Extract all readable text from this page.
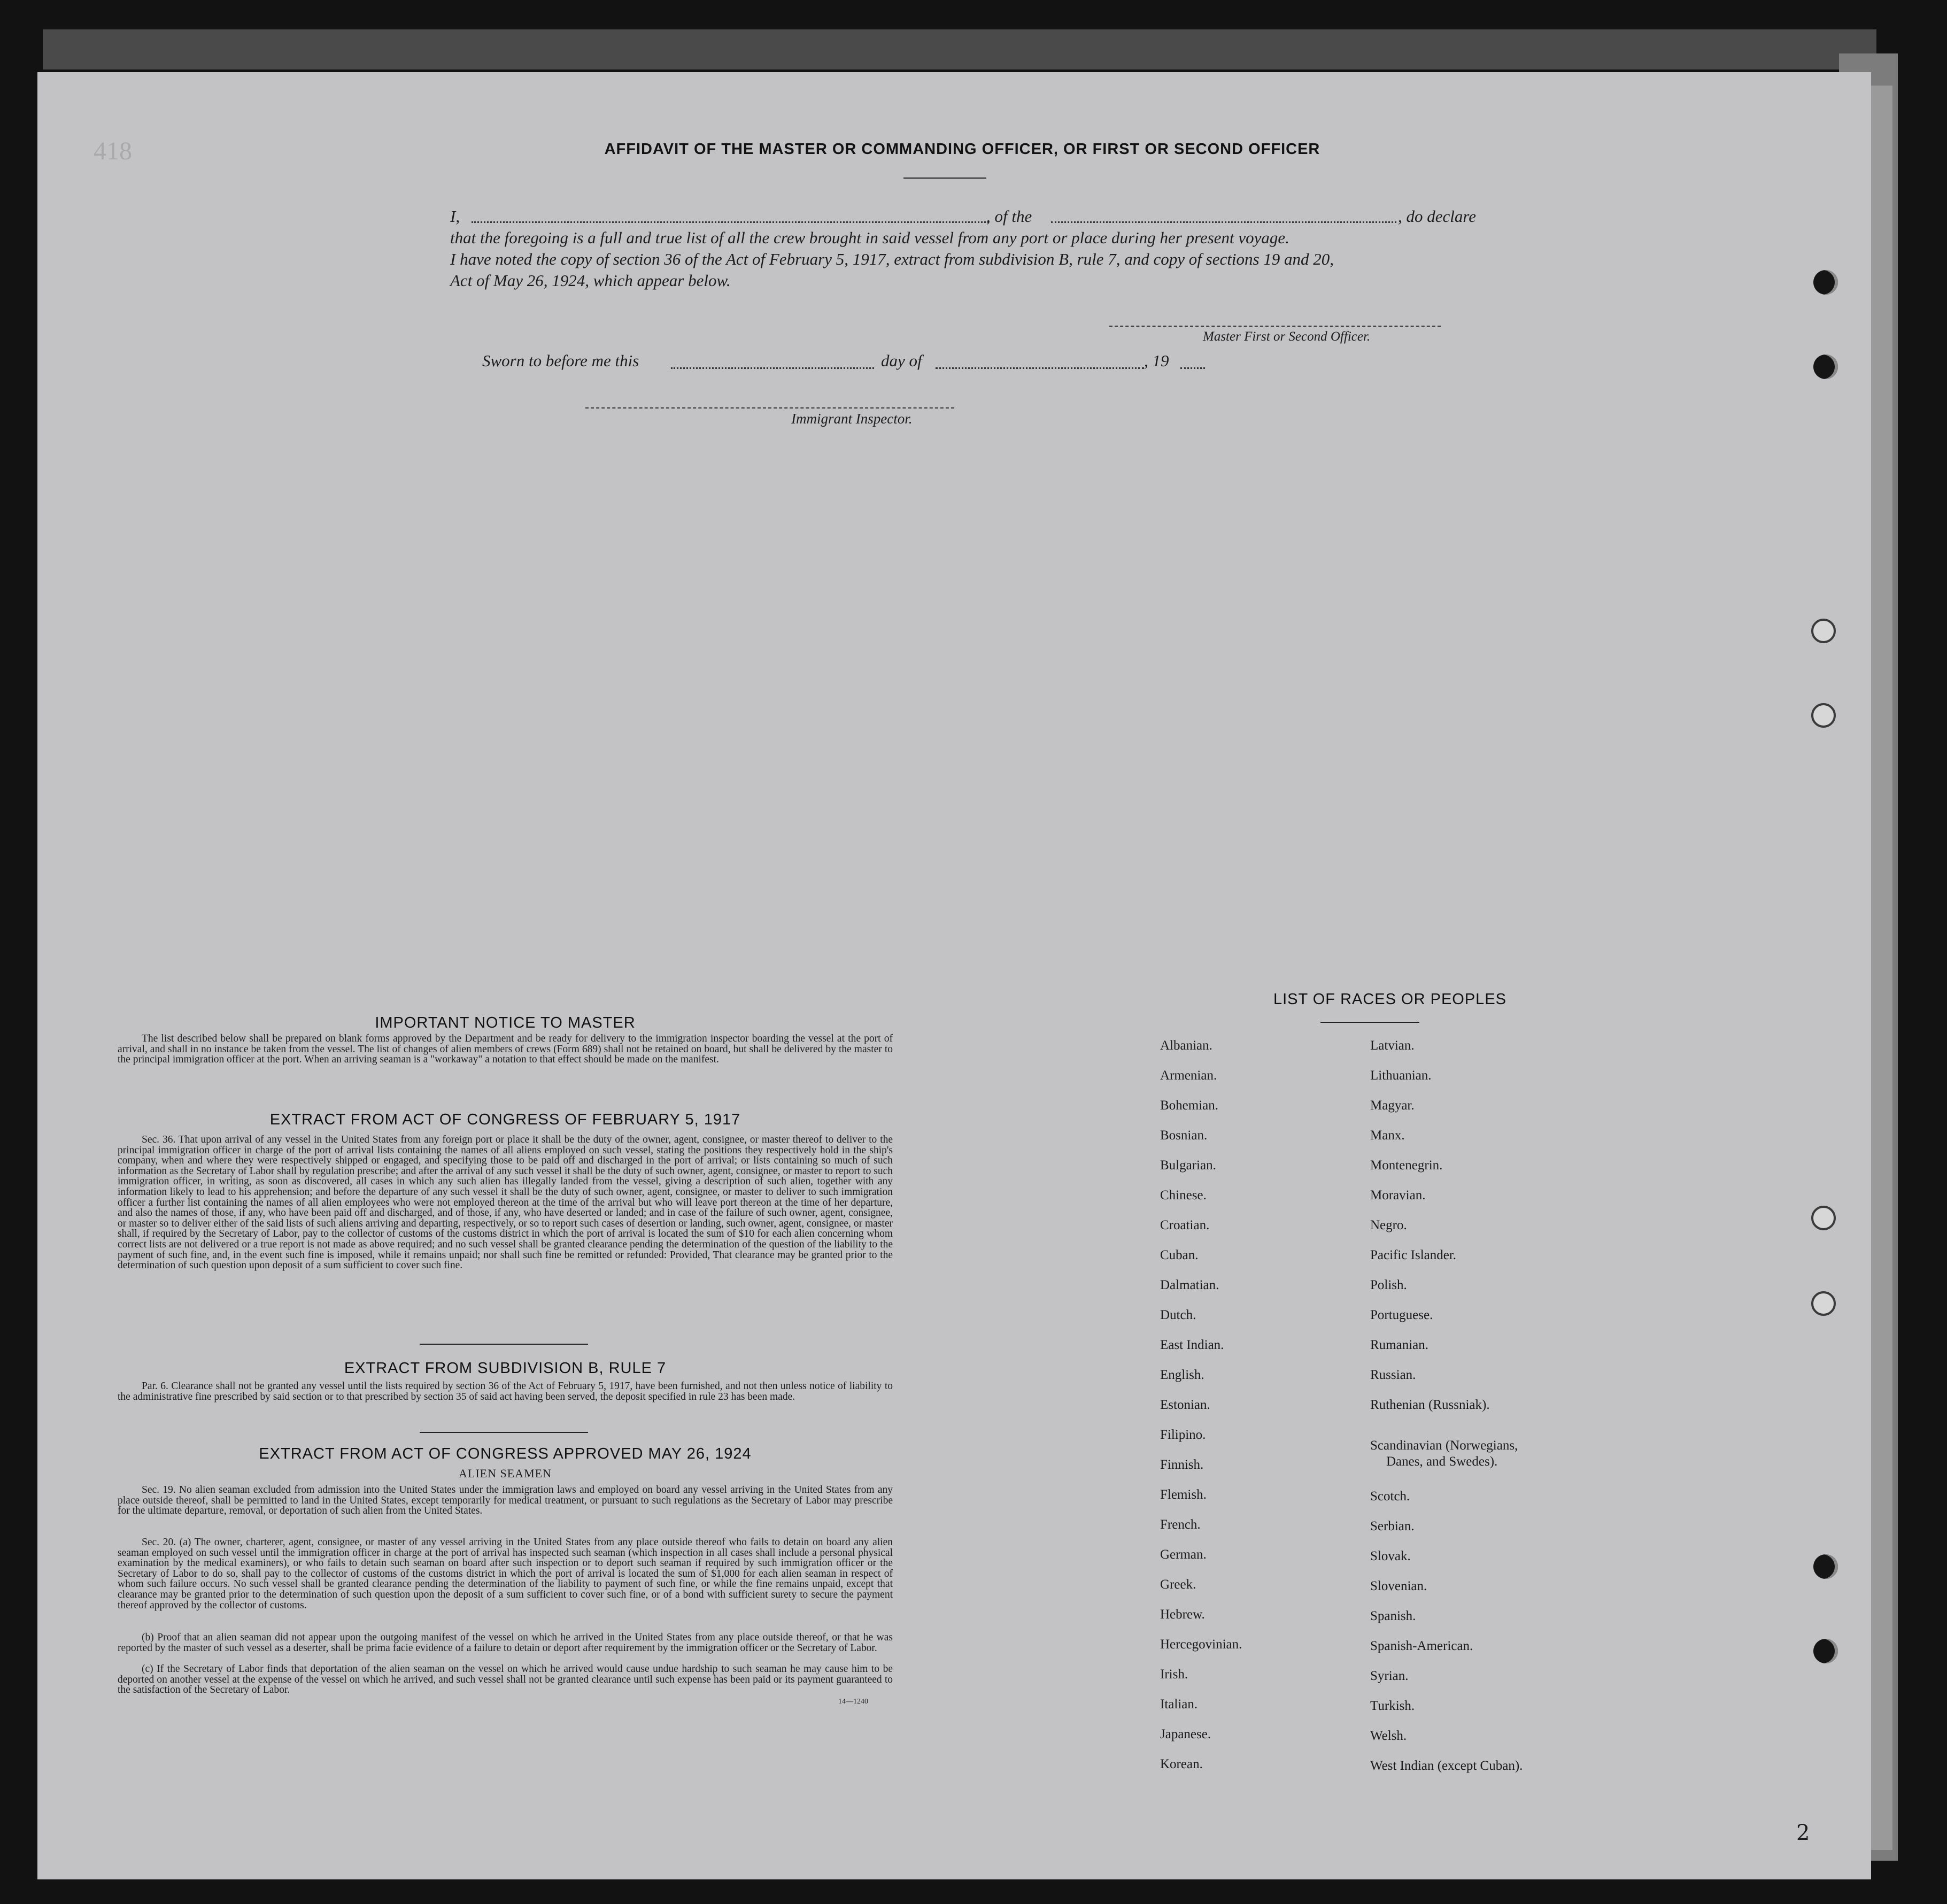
418	AFFIDAVIT OF THE MASTER OR COMMANDING OFFICER, OR FIRST OR SECOND OFFICER
I,	, of the	, do declare
that the foregoing is a full and true list of all the crew brought in said vessel from any port or place during her present voyage.
I have noted the copy of section 36 of the Act of February 5, 1917, extract from subdivision B, rule 7, and copy of sections 19 and 20,
Act of May 26, 1924, which appear below.
Master First or Second Officer.
Sworn to before me this	day of	, 19
Immigrant Inspector.
IMPORTANT NOTICE TO MASTER
The list described below shall be prepared on blank forms approved by the Department and be ready for delivery to the immigration inspector boarding the vessel at the port of arrival, and shall in no instance be taken from the vessel. The list of changes of alien members of crews (Form 689) shall not be retained on board, but shall be delivered by the master to the principal immigration officer at the port. When an arriving seaman is a "workaway" a notation to that effect should be made on the manifest.
EXTRACT FROM ACT OF CONGRESS OF FEBRUARY 5, 1917
Sec. 36. That upon arrival of any vessel in the United States from any foreign port or place it shall be the duty of the owner, agent, consignee, or master thereof to deliver to the principal immigration officer in charge of the port of arrival lists containing the names of all aliens employed on such vessel, stating the positions they respectively hold in the ship's company, when and where they were respectively shipped or engaged, and specifying those to be paid off and discharged in the port of arrival; or lists containing so much of such information as the Secretary of Labor shall by regulation prescribe; and after the arrival of any such vessel it shall be the duty of such owner, agent, consignee, or master to report to such immigration officer, in writing, as soon as discovered, all cases in which any such alien has illegally landed from the vessel, giving a description of such alien, together with any information likely to lead to his apprehension; and before the departure of any such vessel it shall be the duty of such owner, agent, consignee, or master to deliver to such immigration officer a further list containing the names of all alien employees who were not employed thereon at the time of the arrival but who will leave port thereon at the time of her departure, and also the names of those, if any, who have been paid off and discharged, and of those, if any, who have deserted or landed; and in case of the failure of such owner, agent, consignee, or master so to deliver either of the said lists of such aliens arriving and departing, respectively, or so to report such cases of desertion or landing, such owner, agent, consignee, or master shall, if required by the Secretary of Labor, pay to the collector of customs of the customs district in which the port of arrival is located the sum of $10 for each alien concerning whom correct lists are not delivered or a true report is not made as above required; and no such vessel shall be granted clearance pending the determination of the question of the liability to the payment of such fine, and, in the event such fine is imposed, while it remains unpaid; nor shall such fine be remitted or refunded: Provided, That clearance may be granted prior to the determination of such question upon deposit of a sum sufficient to cover such fine.
EXTRACT FROM SUBDIVISION B, RULE 7
Par. 6. Clearance shall not be granted any vessel until the lists required by section 36 of the Act of February 5, 1917, have been furnished, and not then unless notice of liability to the administrative fine prescribed by said section or to that prescribed by section 35 of said act having been served, the deposit specified in rule 23 has been made.
EXTRACT FROM ACT OF CONGRESS APPROVED MAY 26, 1924
ALIEN SEAMEN
Sec. 19. No alien seaman excluded from admission into the United States under the immigration laws and employed on board any vessel arriving in the United States from any place outside thereof, shall be permitted to land in the United States, except temporarily for medical treatment, or pursuant to such regulations as the Secretary of Labor may prescribe for the ultimate departure, removal, or deportation of such alien from the United States.
Sec. 20. (a) The owner, charterer, agent, consignee, or master of any vessel arriving in the United States from any place outside thereof who fails to detain on board any alien seaman employed on such vessel until the immigration officer in charge at the port of arrival has inspected such seaman (which inspection in all cases shall include a personal physical examination by the medical examiners), or who fails to detain such seaman on board after such inspection or to deport such seaman if required by such immigration officer or the Secretary of Labor to do so, shall pay to the collector of customs of the customs district in which the port of arrival is located the sum of $1,000 for each alien seaman in respect of whom such failure occurs. No such vessel shall be granted clearance pending the determination of the liability to payment of such fine, or while the fine remains unpaid, except that clearance may be granted prior to the determination of such question upon the deposit of a sum sufficient to cover such fine, or of a bond with sufficient surety to secure the payment thereof approved by the collector of customs.
(b) Proof that an alien seaman did not appear upon the outgoing manifest of the vessel on which he arrived in the United States from any place outside thereof, or that he was reported by the master of such vessel as a deserter, shall be prima facie evidence of a failure to detain or deport after requirement by the immigration officer or the Secretary of Labor.
(c) If the Secretary of Labor finds that deportation of the alien seaman on the vessel on which he arrived would cause undue hardship to such seaman he may cause him to be deported on another vessel at the expense of the vessel on which he arrived, and such vessel shall not be granted clearance until such expense has been paid or its payment guaranteed to the satisfaction of the Secretary of Labor.
14—1240
LIST OF RACES OR PEOPLES
Albanian.
Armenian.
Bohemian.
Bosnian.
Bulgarian.
Chinese.
Croatian.
Cuban.
Dalmatian.
Dutch.
East Indian.
English.
Estonian.
Filipino.
Finnish.
Flemish.
French.
German.
Greek.
Hebrew.
Hercegovinian.
Irish.
Italian.
Japanese.
Korean.
Latvian.
Lithuanian.
Magyar.
Manx.
Montenegrin.
Moravian.
Negro.
Pacific Islander.
Polish.
Portuguese.
Rumanian.
Russian.
Ruthenian (Russniak).
Scandinavian (Norwegians,
Danes, and Swedes).
Scotch.
Serbian.
Slovak.
Slovenian.
Spanish.
Spanish-American.
Syrian.
Turkish.
Welsh.
West Indian (except Cuban).
2
